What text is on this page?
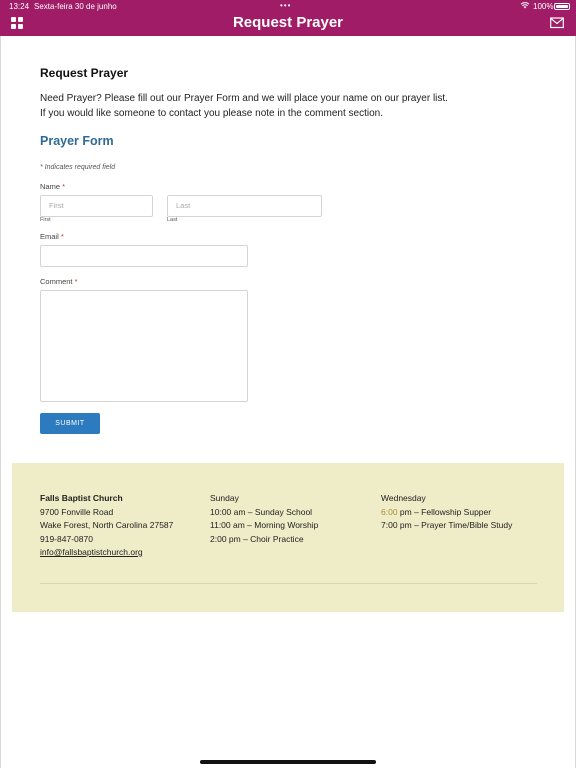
13:24 Sexta-feira 30 de junho	•••	100%
Request Prayer
Request Prayer

Need Prayer? Please fill out our Prayer Form and we will place your name on our prayer list.

If you would like someone to contact you please note in the comment section.

Prayer Form

* Indicates required field

Name *
First
First
Last
Last
Email *
Comment *
SUBMIT
Falls Baptist Church
9700 Fonville Road
Wake Forest, North Carolina 27587
919-847-0870
info@fallsbaptistchurch.org
Sunday
10:00 am – Sunday School
11:00 am – Morning Worship
2:00 pm – Choir Practice
Wednesday
6:00 pm – Fellowship Supper
7:00 pm – Prayer Time/Bible Study
